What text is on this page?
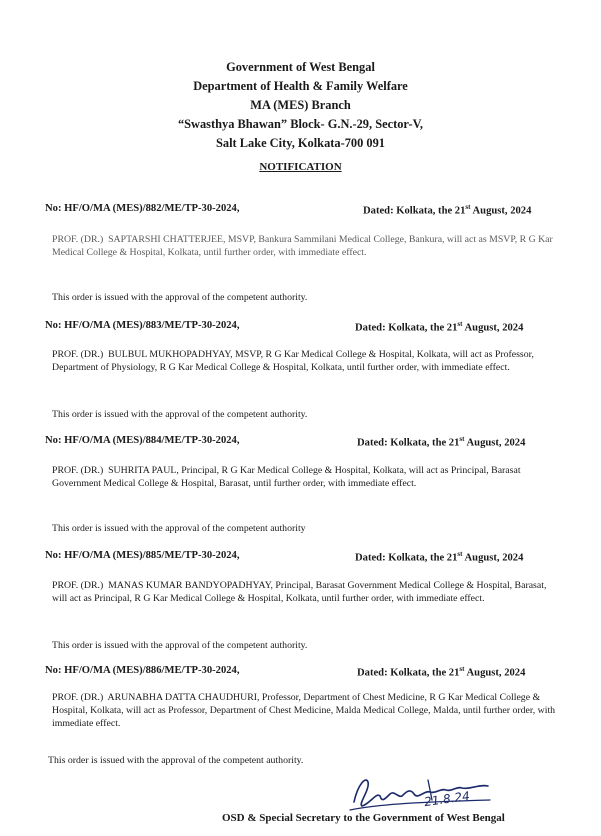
Government of West Bengal
Department of Health & Family Welfare
MA (MES) Branch
“Swasthya Bhawan” Block- G.N.-29, Sector-V,
Salt Lake City, Kolkata-700 091
NOTIFICATION
No: HF/O/MA (MES)/882/ME/TP-30-2024,	Dated: Kolkata, the 21st August, 2024
PROF. (DR.)  SAPTARSHI CHATTERJEE, MSVP, Bankura Sammilani Medical College, Bankura, will act as MSVP, R G Kar Medical College & Hospital, Kolkata, until further order, with immediate effect.
This order is issued with the approval of the competent authority.
No: HF/O/MA (MES)/883/ME/TP-30-2024,	Dated: Kolkata, the 21st August, 2024
PROF. (DR.)  BULBUL MUKHOPADHYAY, MSVP, R G Kar Medical College & Hospital, Kolkata, will act as Professor, Department of Physiology, R G Kar Medical College & Hospital, Kolkata, until further order, with immediate effect.
This order is issued with the approval of the competent authority.
No: HF/O/MA (MES)/884/ME/TP-30-2024,	Dated: Kolkata, the 21st August, 2024
PROF. (DR.)  SUHRITA PAUL, Principal, R G Kar Medical College & Hospital, Kolkata, will act as Principal, Barasat Government Medical College & Hospital, Barasat, until further order, with immediate effect.
This order is issued with the approval of the competent authority
No: HF/O/MA (MES)/885/ME/TP-30-2024,	Dated: Kolkata, the 21st August, 2024
PROF. (DR.)  MANAS KUMAR BANDYOPADHYAY, Principal, Barasat Government Medical College & Hospital, Barasat, will act as Principal, R G Kar Medical College & Hospital, Kolkata, until further order, with immediate effect.
This order is issued with the approval of the competent authority.
No: HF/O/MA (MES)/886/ME/TP-30-2024,	Dated: Kolkata, the 21st August, 2024
PROF. (DR.)  ARUNABHA DATTA CHAUDHURI, Professor, Department of Chest Medicine, R G Kar Medical College & Hospital, Kolkata, will act as Professor, Department of Chest Medicine, Malda Medical College, Malda, until further order, with immediate effect.
This order is issued with the approval of the competent authority.
21.8.24
OSD & Special Secretary to the Government of West Bengal
